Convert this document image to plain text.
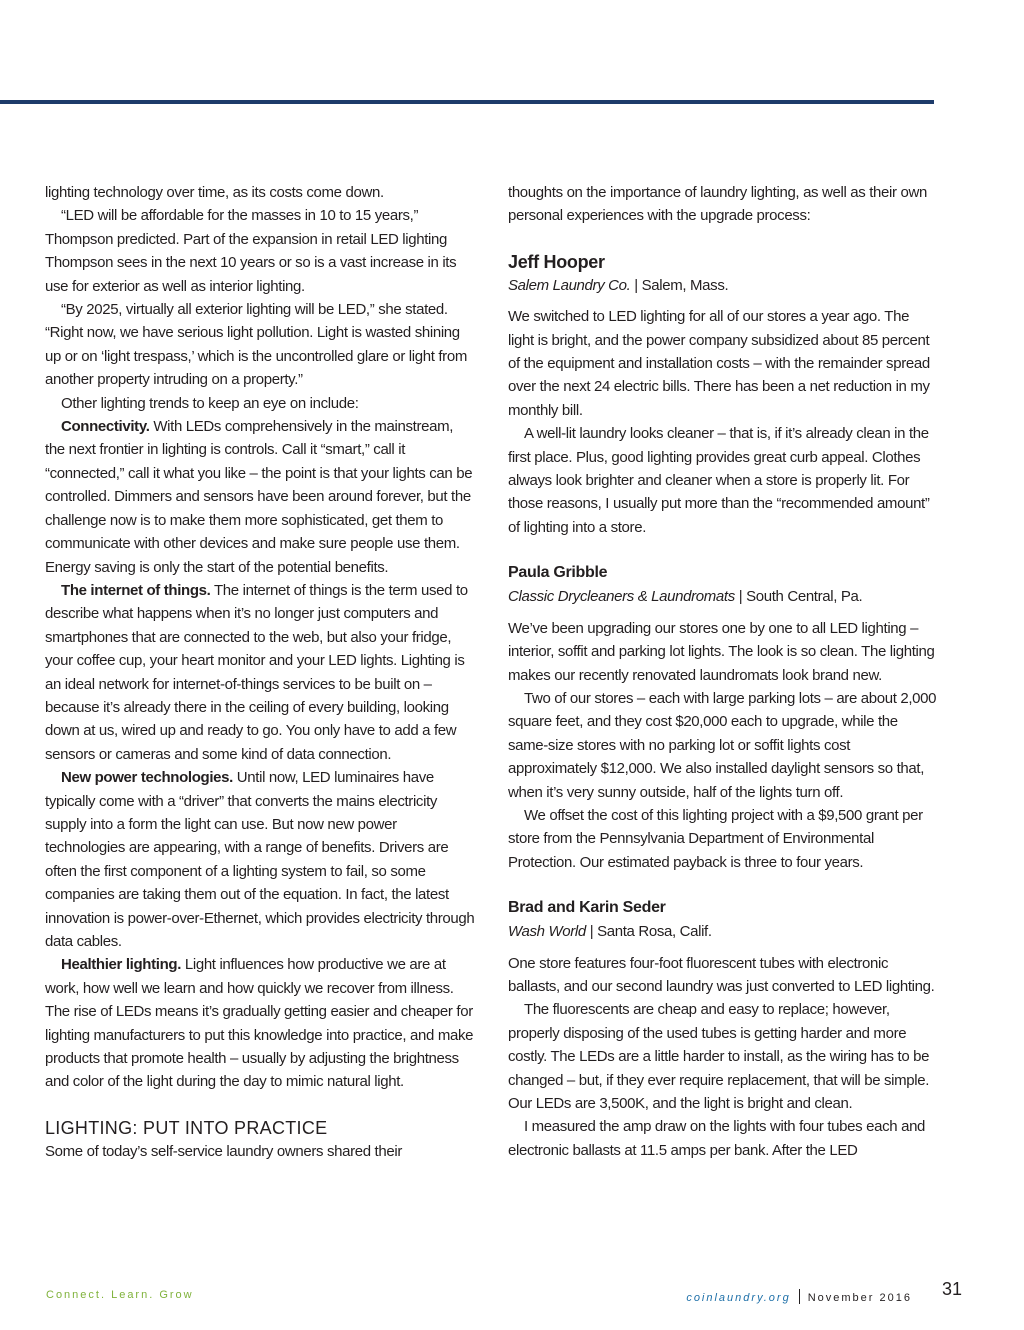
lighting technology over time, as its costs come down.

“LED will be affordable for the masses in 10 to 15 years,” Thompson predicted. Part of the expansion in retail LED lighting Thompson sees in the next 10 years or so is a vast increase in its use for exterior as well as interior lighting.

“By 2025, virtually all exterior lighting will be LED,” she stated. “Right now, we have serious light pollution. Light is wasted shining up or on ‘light trespass,’ which is the uncontrolled glare or light from another property intruding on a property.”

Other lighting trends to keep an eye on include:

Connectivity. With LEDs comprehensively in the mainstream, the next frontier in lighting is controls. Call it “smart,” call it “connected,” call it what you like – the point is that your lights can be controlled. Dimmers and sensors have been around forever, but the challenge now is to make them more sophisticated, get them to communicate with other devices and make sure people use them. Energy saving is only the start of the potential benefits.

The internet of things. The internet of things is the term used to describe what happens when it’s no longer just computers and smartphones that are connected to the web, but also your fridge, your coffee cup, your heart monitor and your LED lights. Lighting is an ideal network for internet-of-things services to be built on – because it’s already there in the ceiling of every building, looking down at us, wired up and ready to go. You only have to add a few sensors or cameras and some kind of data connection.

New power technologies. Until now, LED luminaires have typically come with a “driver” that converts the mains electricity supply into a form the light can use. But now new power technologies are appearing, with a range of benefits. Drivers are often the first component of a lighting system to fail, so some companies are taking them out of the equation. In fact, the latest innovation is power-over-Ethernet, which provides electricity through data cables.

Healthier lighting. Light influences how productive we are at work, how well we learn and how quickly we recover from illness. The rise of LEDs means it’s gradually getting easier and cheaper for lighting manufacturers to put this knowledge into practice, and make products that promote health – usually by adjusting the brightness and color of the light during the day to mimic natural light.

LIGHTING: PUT INTO PRACTICE

Some of today’s self-service laundry owners shared their

thoughts on the importance of laundry lighting, as well as their own personal experiences with the upgrade process:

Jeff Hooper

Salem Laundry Co. | Salem, Mass.

We switched to LED lighting for all of our stores a year ago. The light is bright, and the power company subsidized about 85 percent of the equipment and installation costs – with the remainder spread over the next 24 electric bills. There has been a net reduction in my monthly bill.

A well-lit laundry looks cleaner – that is, if it’s already clean in the first place. Plus, good lighting provides great curb appeal. Clothes always look brighter and cleaner when a store is properly lit. For those reasons, I usually put more than the “recommended amount” of lighting into a store.

Paula Gribble

Classic Drycleaners & Laundromats | South Central, Pa.

We’ve been upgrading our stores one by one to all LED lighting – interior, soffit and parking lot lights. The look is so clean. The lighting makes our recently renovated laundromats look brand new.

Two of our stores – each with large parking lots – are about 2,000 square feet, and they cost $20,000 each to upgrade, while the same-size stores with no parking lot or soffit lights cost approximately $12,000. We also installed daylight sensors so that, when it’s very sunny outside, half of the lights turn off.

We offset the cost of this lighting project with a $9,500 grant per store from the Pennsylvania Department of Environmental Protection. Our estimated payback is three to four years.

Brad and Karin Seder

Wash World | Santa Rosa, Calif.

One store features four-foot fluorescent tubes with electronic ballasts, and our second laundry was just converted to LED lighting.

The fluorescents are cheap and easy to replace; however, properly disposing of the used tubes is getting harder and more costly. The LEDs are a little harder to install, as the wiring has to be changed – but, if they ever require replacement, that will be simple. Our LEDs are 3,500K, and the light is bright and clean.

I measured the amp draw on the lights with four tubes each and electronic ballasts at 11.5 amps per bank. After the LED

Connect. Learn. Grow	coinlaundry.org November 2016 31
